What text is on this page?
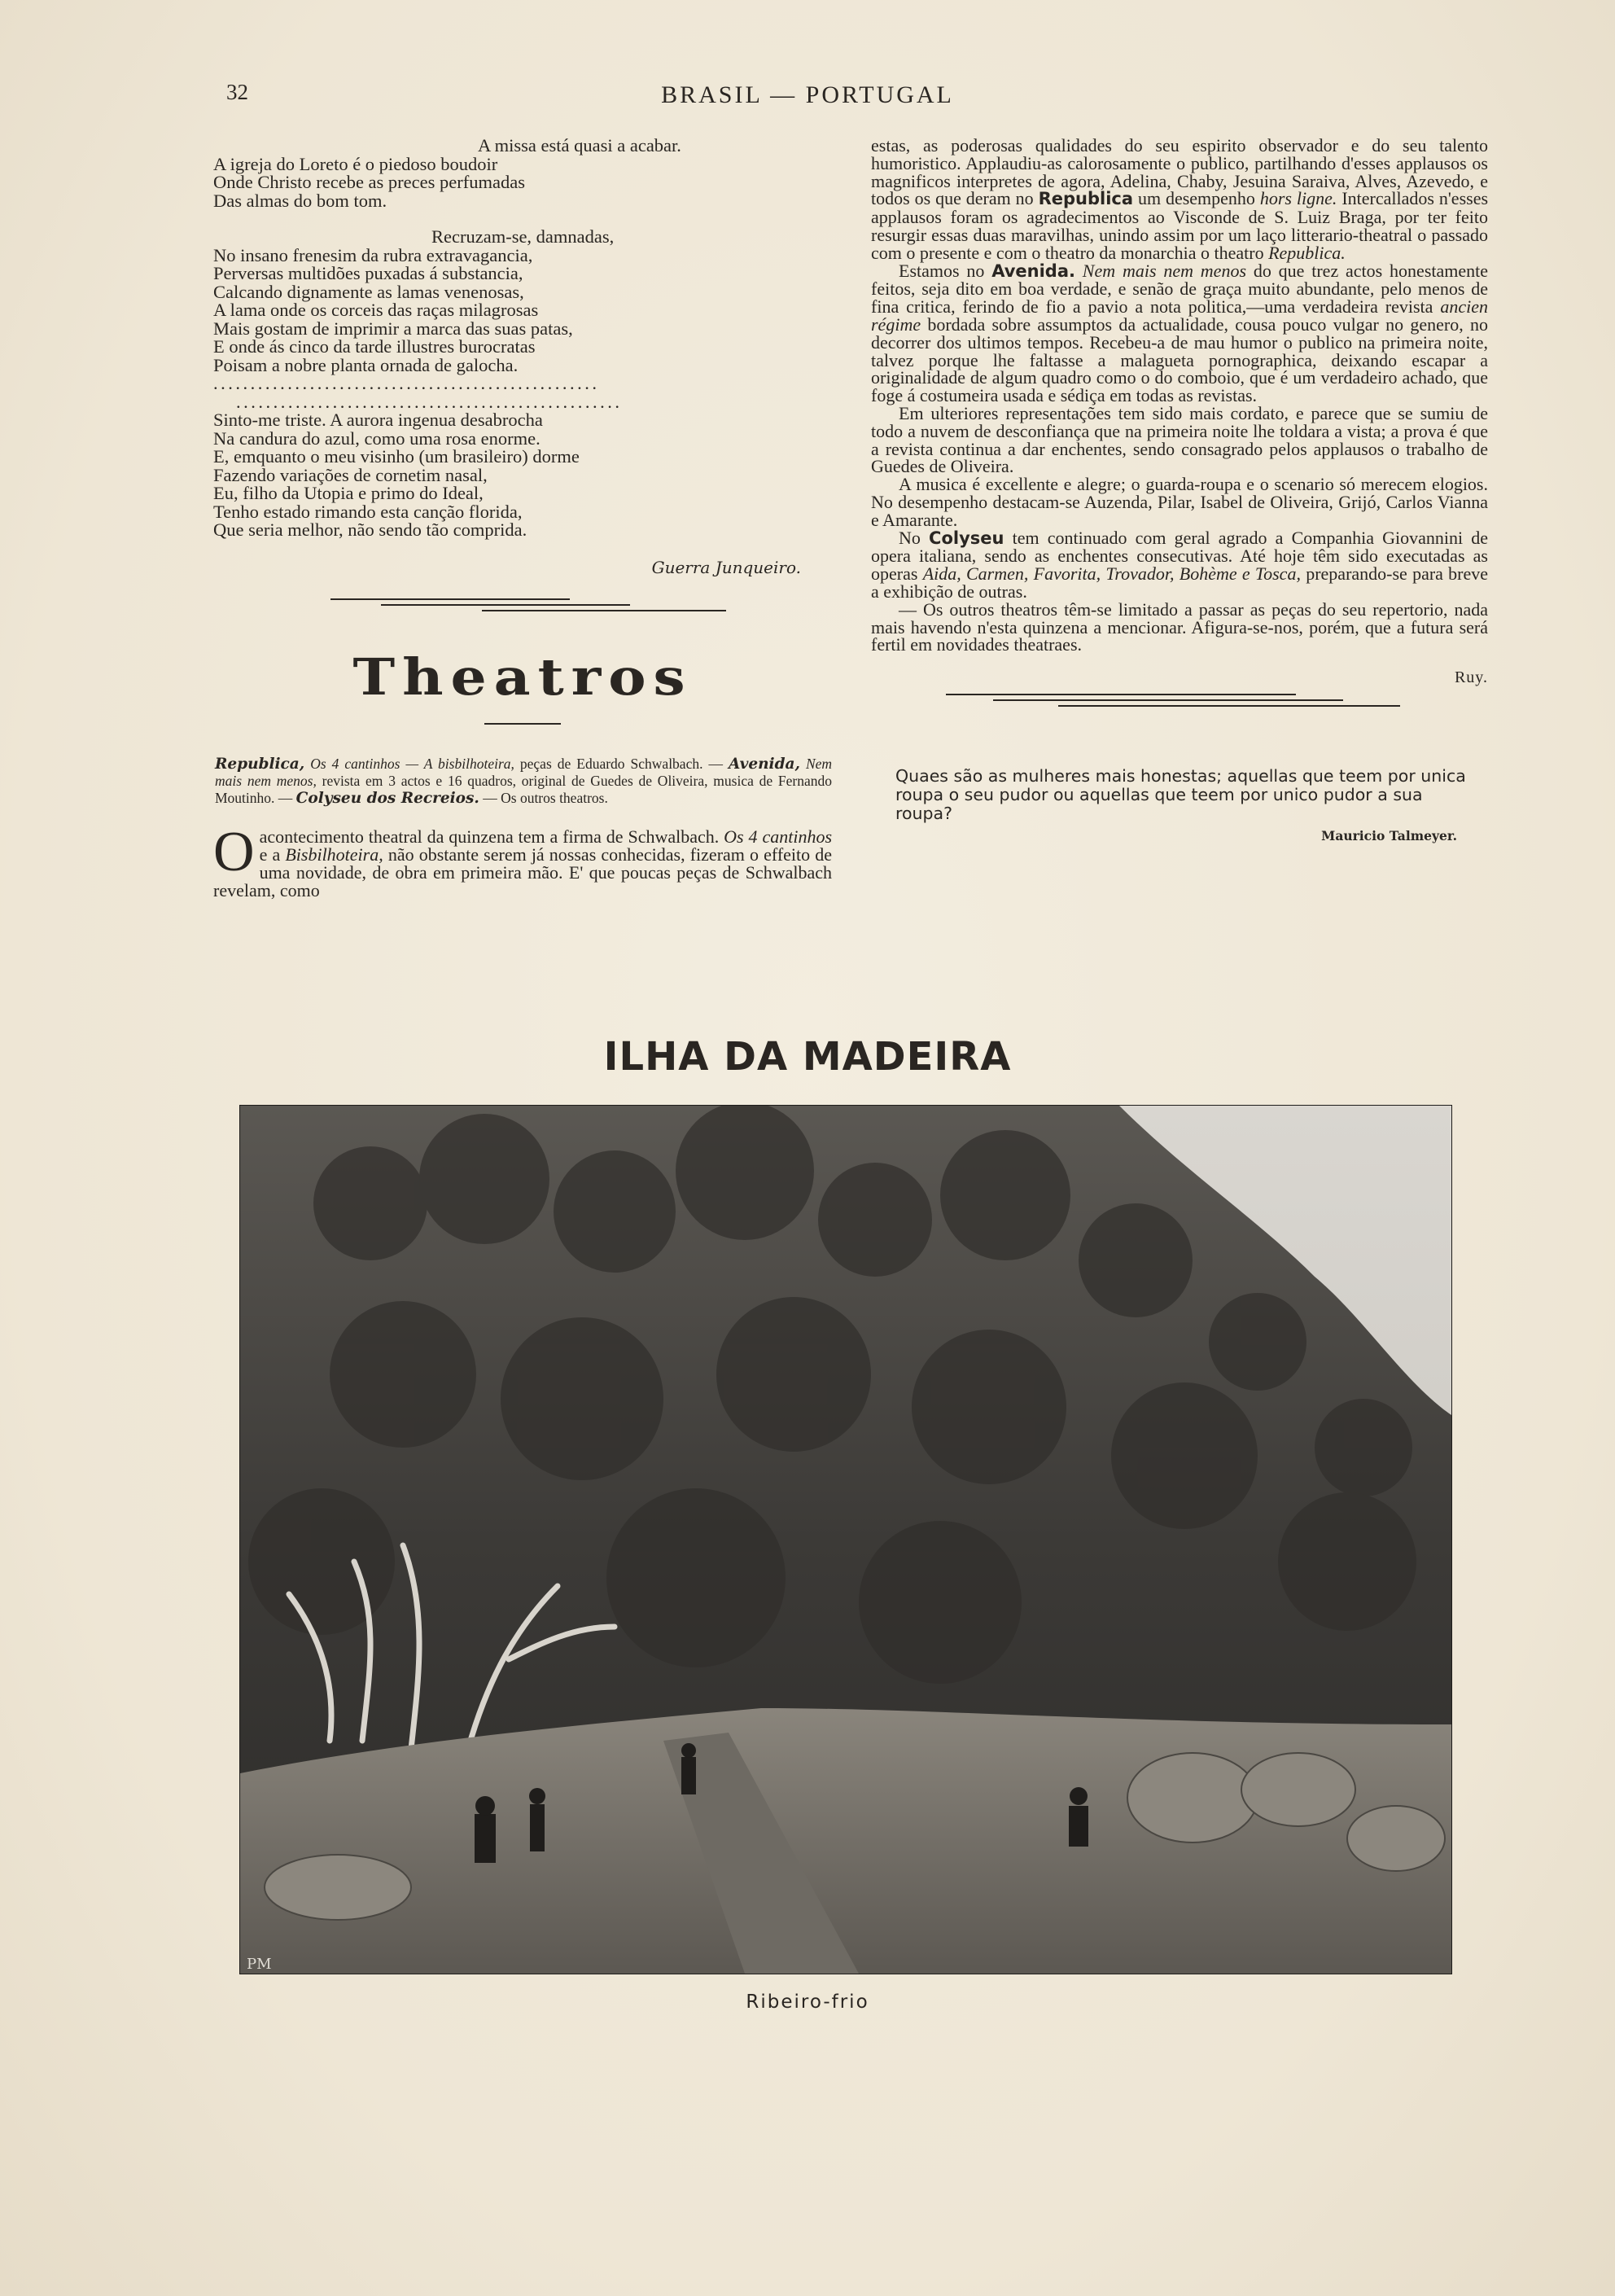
32	BRASIL — PORTUGAL
A missa está quasi a acabar.
A igreja do Loreto é o piedoso boudoir
Onde Christo recebe as preces perfumadas
Das almas do bom tom.
Recruzam-se, damnadas,
No insano frenesim da rubra extravagancia,
Perversas multidões puxadas á substancia,
Calcando dignamente as lamas venenosas,
A lama onde os corceis das raças milagrosas
Mais gostam de imprimir a marca das suas patas,
E onde ás cinco da tarde illustres burocratas
Poisam a nobre planta ornada de galocha.
....................................................
....................................................
Sinto-me triste. A aurora ingenua desabrocha
Na candura do azul, como uma rosa enorme.
E, emquanto o meu visinho (um brasileiro) dorme
Fazendo variações de cornetim nasal,
Eu, filho da Utopia e primo do Ideal,
Tenho estado rimando esta canção florida,
Que seria melhor, não sendo tão comprida.
Guerra Junqueiro.
Theatros
Republica, Os 4 cantinhos — A bisbilhoteira, peças de Eduardo Schwalbach. — Avenida, Nem mais nem menos, revista em 3 actos e 16 quadros, original de Guedes de Oliveira, musica de Fernando Moutinho. — Colyseu dos Recreios. — Os outros theatros.
O acontecimento theatral da quinzena tem a firma de Schwalbach. Os 4 cantinhos e a Bisbilhoteira, não obstante serem já nossas conhecidas, fizeram o effeito de uma novidade, de obra em primeira mão. E' que poucas peças de Schwalbach revelam, como

estas, as poderosas qualidades do seu espirito observador e do seu talento humoristico. Applaudiu-as calorosamente o publico, partilhando d'esses applausos os magnificos interpretes de agora, Adelina, Chaby, Jesuina Saraiva, Alves, Azevedo, e todos os que deram no Republica um desempenho hors ligne. Intercallados n'esses applausos foram os agradecimentos ao Visconde de S. Luiz Braga, por ter feito resurgir essas duas maravilhas, unindo assim por um laço litterario-theatral o passado com o presente e com o theatro da monarchia o theatro Republica.

Estamos no Avenida. Nem mais nem menos do que trez actos honestamente feitos, seja dito em boa verdade, e senão de graça muito abundante, pelo menos de fina critica, ferindo de fio a pavio a nota politica,—uma verdadeira revista ancien régime bordada sobre assumptos da actualidade, cousa pouco vulgar no genero, no decorrer dos ultimos tempos. Recebeu-a de mau humor o publico na primeira noite, talvez porque lhe faltasse a malagueta pornographica, deixando escapar a originalidade de algum quadro como o do comboio, que é um verdadeiro achado, que foge á costumeira usada e sédiça em todas as revistas.

Em ulteriores representações tem sido mais cordato, e parece que se sumiu de todo a nuvem de desconfiança que na primeira noite lhe toldara a vista; a prova é que a revista continua a dar enchentes, sendo consagrado pelos applausos o trabalho de Guedes de Oliveira.

A musica é excellente e alegre; o guarda-roupa e o scenario só merecem elogios. No desempenho destacam-se Auzenda, Pilar, Isabel de Oliveira, Grijó, Carlos Vianna e Amarante.

No Colyseu tem continuado com geral agrado a Companhia Giovannini de opera italiana, sendo as enchentes consecutivas. Até hoje têm sido executadas as operas Aida, Carmen, Favorita, Trovador, Bohème e Tosca, preparando-se para breve a exhibição de outras.

— Os outros theatros têm-se limitado a passar as peças do seu repertorio, nada mais havendo n'esta quinzena a mencionar. Afigura-se-nos, porém, que a futura será fertil em novidades theatraes.

Ruy.
Quaes são as mulheres mais honestas; aquellas que teem por unica roupa o seu pudor ou aquellas que teem por unico pudor a sua roupa?
Mauricio Talmeyer.
ILHA DA MADEIRA
PM
Ribeiro-frio
